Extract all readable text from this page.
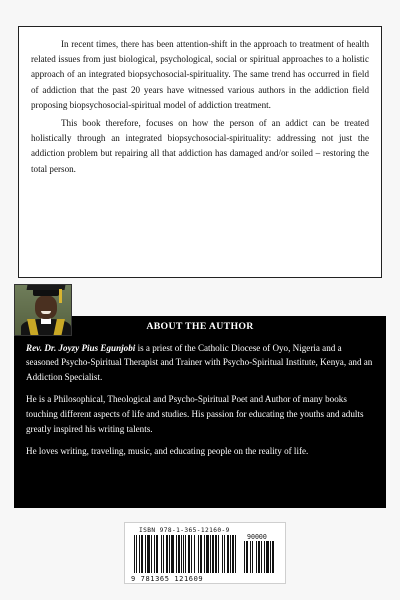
In recent times, there has been attention-shift in the approach to treatment of health related issues from just biological, psychological, social or spiritual approaches to a holistic approach of an integrated biopsychosocial-spirituality. The same trend has occurred in field of addiction that the past 20 years have witnessed various authors in the addiction field proposing biopsychosocial-spiritual model of addiction treatment.

This book therefore, focuses on how the person of an addict can be treated holistically through an integrated biopsychosocial-spirituality: addressing not just the addiction problem but repairing all that addiction has damaged and/or soiled – restoring the total person.

ABOUT THE AUTHOR

Rev. Dr. Joyzy Pius Egunjobi is a priest of the Catholic Diocese of Oyo, Nigeria and a seasoned Psycho-Spiritual Therapist and Trainer with Psycho-Spiritual Institute, Kenya, and an Addiction Specialist.

He is a Philosophical, Theological and Psycho-Spiritual Poet and Author of many books touching different aspects of life and studies. His passion for educating the youths and adults greatly inspired his writing talents.

He loves writing, traveling, music, and educating people on the reality of life.

ISBN 978-1-365-12160-9
90000
9 781365 121609
